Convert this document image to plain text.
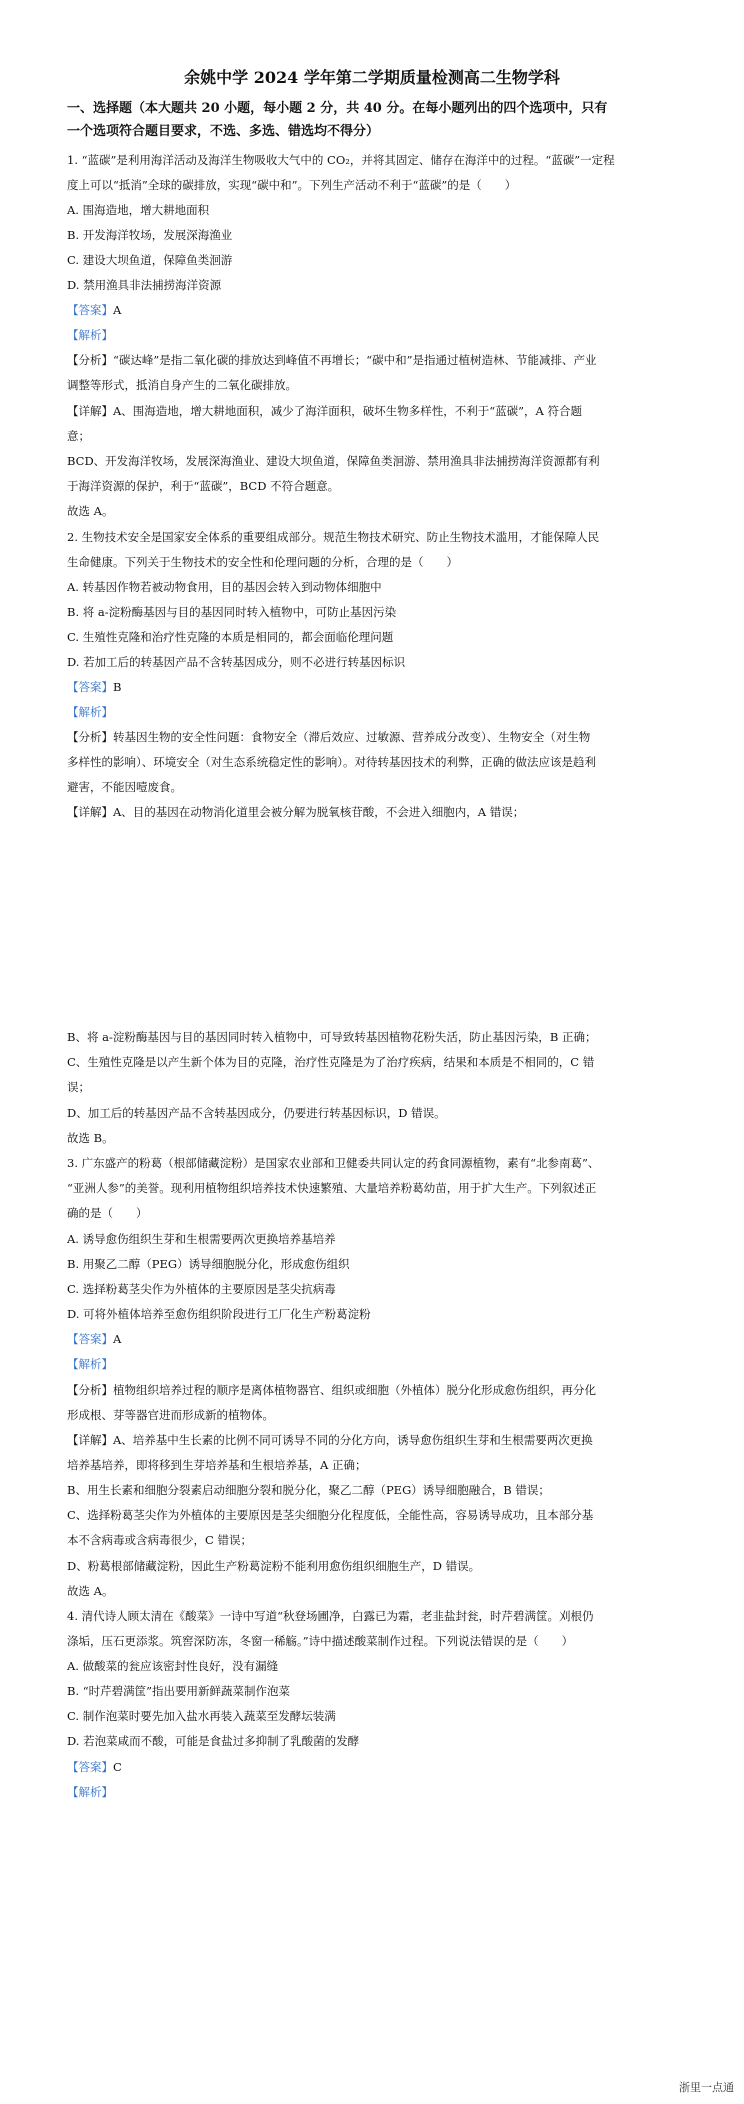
余姚中学 2024 学年第二学期质量检测高二生物学科
一、选择题（本大题共 20 小题，每小题 2 分，共 40 分。在每小题列出的四个选项中，只有
一个选项符合题目要求，不选、多选、错选均不得分）
1. “蓝碳”是利用海洋活动及海洋生物吸收大气中的 CO₂，并将其固定、储存在海洋中的过程。“蓝碳”一定程
度上可以“抵消”全球的碳排放，实现“碳中和”。下列生产活动不利于“蓝碳”的是（　　）
A. 围海造地，增大耕地面积
B. 开发海洋牧场，发展深海渔业
C. 建设大坝鱼道，保障鱼类洄游
D. 禁用渔具非法捕捞海洋资源
【答案】A
【解析】
【分析】“碳达峰”是指二氧化碳的排放达到峰值不再增长；“碳中和”是指通过植树造林、节能减排、产业
调整等形式，抵消自身产生的二氧化碳排放。
【详解】A、围海造地，增大耕地面积，减少了海洋面积，破坏生物多样性，不利于“蓝碳”，A 符合题
意；
BCD、开发海洋牧场，发展深海渔业、建设大坝鱼道，保障鱼类洄游、禁用渔具非法捕捞海洋资源都有利
于海洋资源的保护，利于“蓝碳”，BCD 不符合题意。
故选 A。
2. 生物技术安全是国家安全体系的重要组成部分。规范生物技术研究、防止生物技术滥用，才能保障人民
生命健康。下列关于生物技术的安全性和伦理问题的分析，合理的是（　　）
A. 转基因作物若被动物食用，目的基因会转入到动物体细胞中
B. 将 a-淀粉酶基因与目的基因同时转入植物中，可防止基因污染
C. 生殖性克隆和治疗性克隆的本质是相同的，都会面临伦理问题
D. 若加工后的转基因产品不含转基因成分，则不必进行转基因标识
【答案】B
【解析】
【分析】转基因生物的安全性问题：食物安全（滞后效应、过敏源、营养成分改变）、生物安全（对生物
多样性的影响）、环境安全（对生态系统稳定性的影响）。对待转基因技术的利弊，正确的做法应该是趋利
避害，不能因噎废食。
【详解】A、目的基因在动物消化道里会被分解为脱氧核苷酸，不会进入细胞内，A 错误；
B、将 a-淀粉酶基因与目的基因同时转入植物中，可导致转基因植物花粉失活，防止基因污染，B 正确；
C、生殖性克隆是以产生新个体为目的克隆，治疗性克隆是为了治疗疾病，结果和本质是不相同的，C 错
误；
D、加工后的转基因产品不含转基因成分，仍要进行转基因标识，D 错误。
故选 B。
3. 广东盛产的粉葛（根部储藏淀粉）是国家农业部和卫健委共同认定的药食同源植物，素有“北参南葛”、
“亚洲人参”的美誉。现利用植物组织培养技术快速繁殖、大量培养粉葛幼苗，用于扩大生产。下列叙述正
确的是（　　）
A. 诱导愈伤组织生芽和生根需要两次更换培养基培养
B. 用聚乙二醇（PEG）诱导细胞脱分化，形成愈伤组织
C. 选择粉葛茎尖作为外植体的主要原因是茎尖抗病毒
D. 可将外植体培养至愈伤组织阶段进行工厂化生产粉葛淀粉
【答案】A
【解析】
【分析】植物组织培养过程的顺序是离体植物器官、组织或细胞（外植体）脱分化形成愈伤组织，再分化
形成根、芽等器官进而形成新的植物体。
【详解】A、培养基中生长素的比例不同可诱导不同的分化方向，诱导愈伤组织生芽和生根需要两次更换
培养基培养，即将移到生芽培养基和生根培养基，A 正确；
B、用生长素和细胞分裂素启动细胞分裂和脱分化，聚乙二醇（PEG）诱导细胞融合，B 错误；
C、选择粉葛茎尖作为外植体的主要原因是茎尖细胞分化程度低，全能性高，容易诱导成功，且本部分基
本不含病毒或含病毒很少，C 错误；
D、粉葛根部储藏淀粉，因此生产粉葛淀粉不能利用愈伤组织细胞生产，D 错误。
故选 A。
4. 清代诗人顾太清在《酸菜》一诗中写道“秋登场圃净，白露已为霜，老韭盐封瓮，时芹碧满筐。刈根仍
涤垢，压石更添浆。筑窖深防冻，冬窗一稀觞。”诗中描述酸菜制作过程。下列说法错误的是（　　）
A. 做酸菜的瓮应该密封性良好，没有漏缝
B. “时芹碧满筐”指出要用新鲜蔬菜制作泡菜
C. 制作泡菜时要先加入盐水再装入蔬菜至发酵坛装满
D. 若泡菜咸而不酸，可能是食盐过多抑制了乳酸菌的发酵
【答案】C
【解析】
浙里一点通
